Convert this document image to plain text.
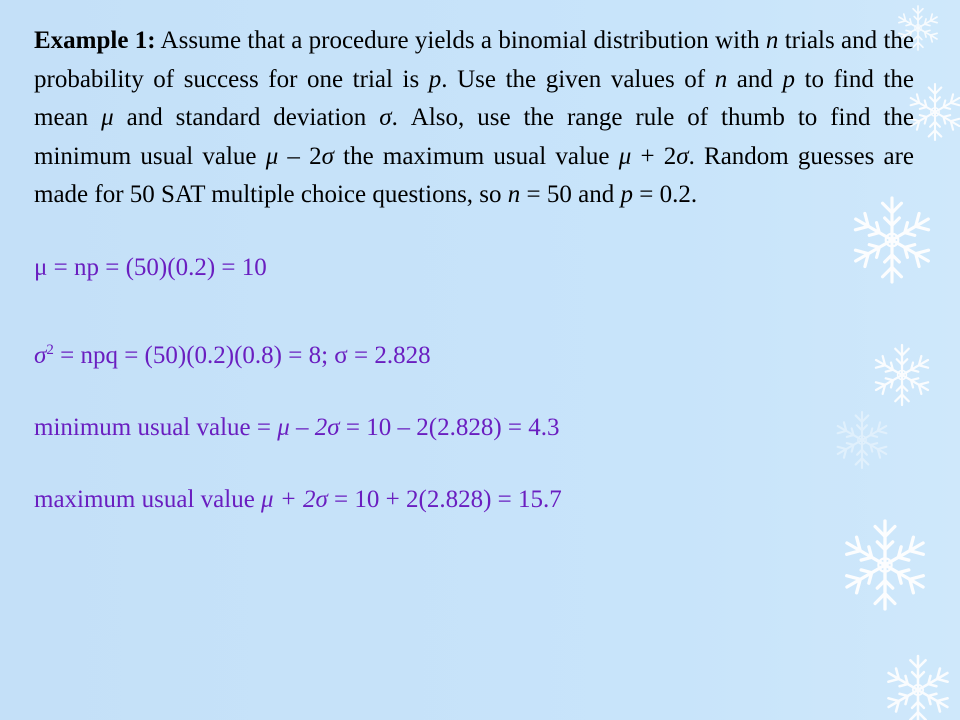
Example 1: Assume that a procedure yields a binomial distribution with n trials and the probability of success for one trial is p. Use the given values of n and p to find the mean μ and standard deviation σ. Also, use the range rule of thumb to find the minimum usual value μ – 2σ the maximum usual value μ + 2σ. Random guesses are made for 50 SAT multiple choice questions, so n = 50 and p = 0.2.

μ = np = (50)(0.2) = 10

$\sigma^2$ = npq = (50)(0.2)(0.8) = 8; σ = 2.828

minimum usual value = μ – 2σ = 10 – 2(2.828) = 4.3

maximum usual value μ + 2σ = 10 + 2(2.828) = 15.7
